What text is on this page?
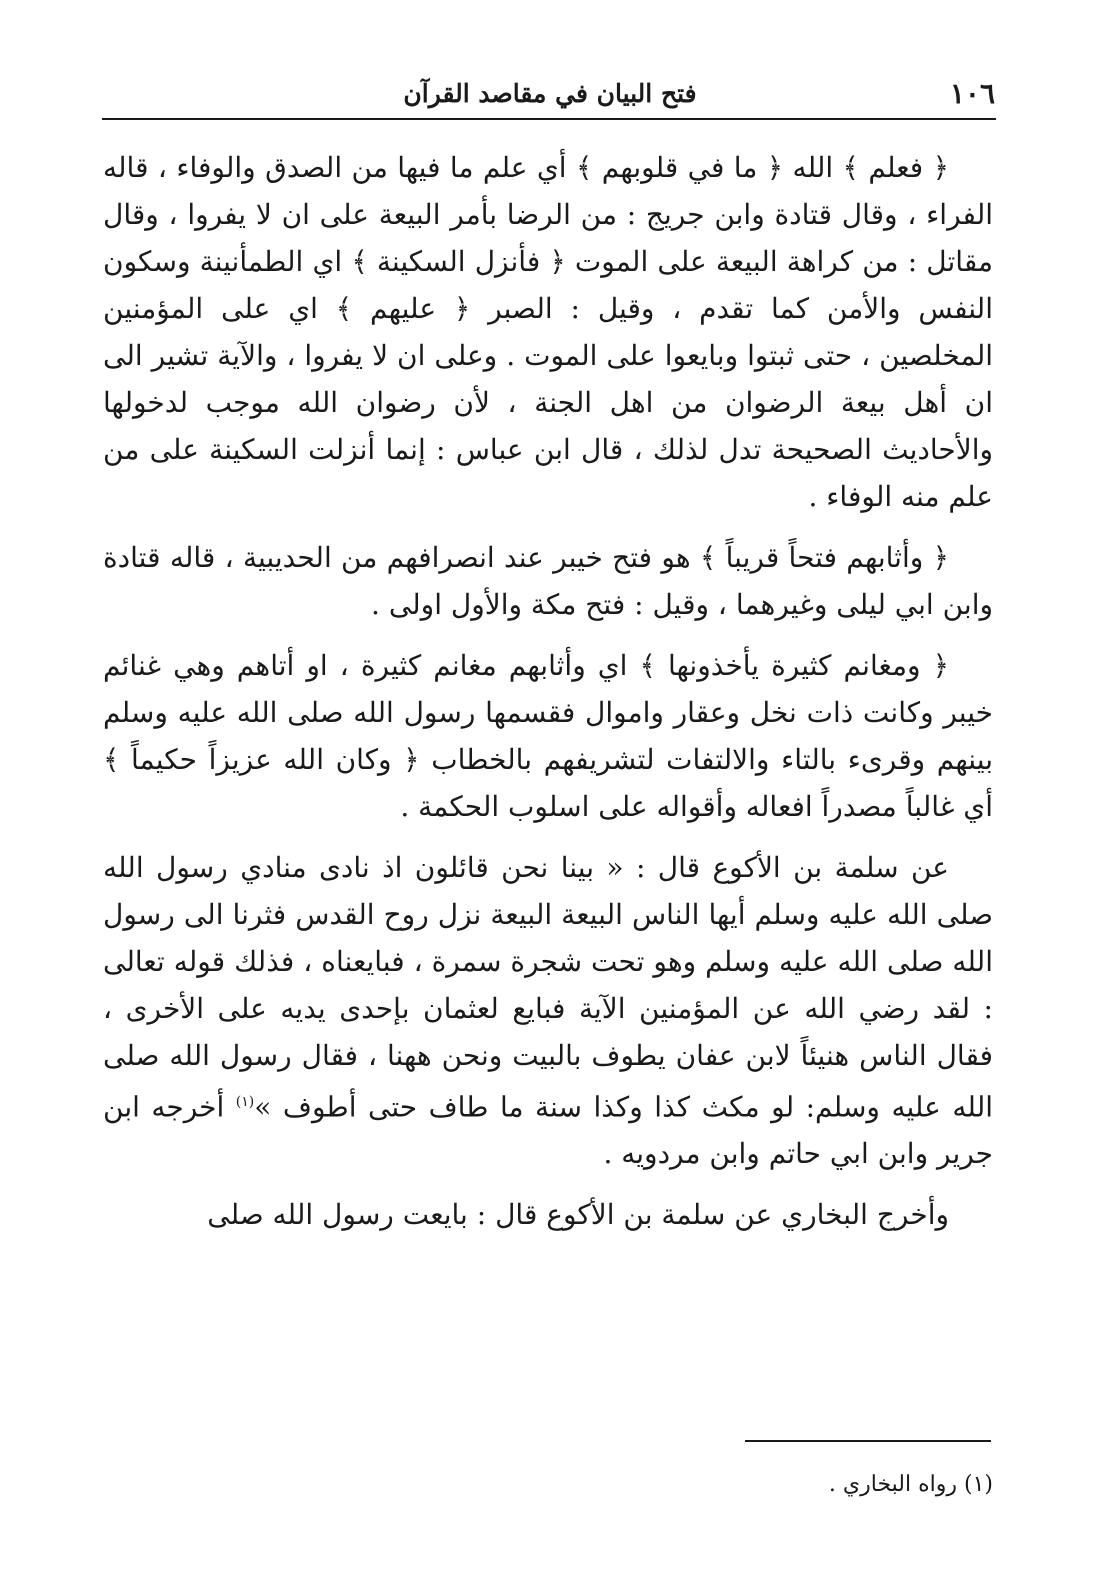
١٠٦
فتح البيان في مقاصد القرآن

﴿ فعلم ﴾ الله ﴿ ما في قلوبهم ﴾ أي علم ما فيها من الصدق والوفاء ، قاله الفراء ، وقال قتادة وابن جريج : من الرضا بأمر البيعة على ان لا يفروا ، وقال مقاتل : من كراهة البيعة على الموت ﴿ فأنزل السكينة ﴾ اي الطمأنينة وسكون النفس والأمن كما تقدم ، وقيل : الصبر ﴿ عليهم ﴾ اي على المؤمنين المخلصين ، حتى ثبتوا وبايعوا على الموت . وعلى ان لا يفروا ، والآية تشير الى ان أهل بيعة الرضوان من اهل الجنة ، لأن رضوان الله موجب لدخولها والأحاديث الصحيحة تدل لذلك ، قال ابن عباس : إنما أنزلت السكينة على من علم منه الوفاء .

﴿ وأثابهم فتحاً قريباً ﴾ هو فتح خيبر عند انصرافهم من الحديبية ، قاله قتادة وابن ابي ليلى وغيرهما ، وقيل : فتح مكة والأول اولى .

﴿ ومغانم كثيرة يأخذونها ﴾ اي وأثابهم مغانم كثيرة ، او أتاهم وهي غنائم خيبر وكانت ذات نخل وعقار واموال فقسمها رسول الله صلى الله عليه وسلم بينهم وقرىء بالتاء والالتفات لتشريفهم بالخطاب ﴿ وكان الله عزيزاً حكيماً ﴾ أي غالباً مصدراً افعاله وأقواله على اسلوب الحكمة .

عن سلمة بن الأكوع قال : « بينا نحن قائلون اذ نادى منادي رسول الله صلى الله عليه وسلم أيها الناس البيعة البيعة نزل روح القدس فثرنا الى رسول الله صلى الله عليه وسلم وهو تحت شجرة سمرة ، فبايعناه ، فذلك قوله تعالى : لقد رضي الله عن المؤمنين الآية فبايع لعثمان بإحدى يديه على الأخرى ، فقال الناس هنيئاً لابن عفان يطوف بالبيت ونحن ههنا ، فقال رسول الله صلى الله عليه وسلم: لو مكث كذا وكذا سنة ما طاف حتى أطوف »$^{(١)}$ أخرجه ابن جرير وابن ابي حاتم وابن مردويه .

وأخرج البخاري عن سلمة بن الأكوع قال : بايعت رسول الله صلى

(١) رواه البخاري .
